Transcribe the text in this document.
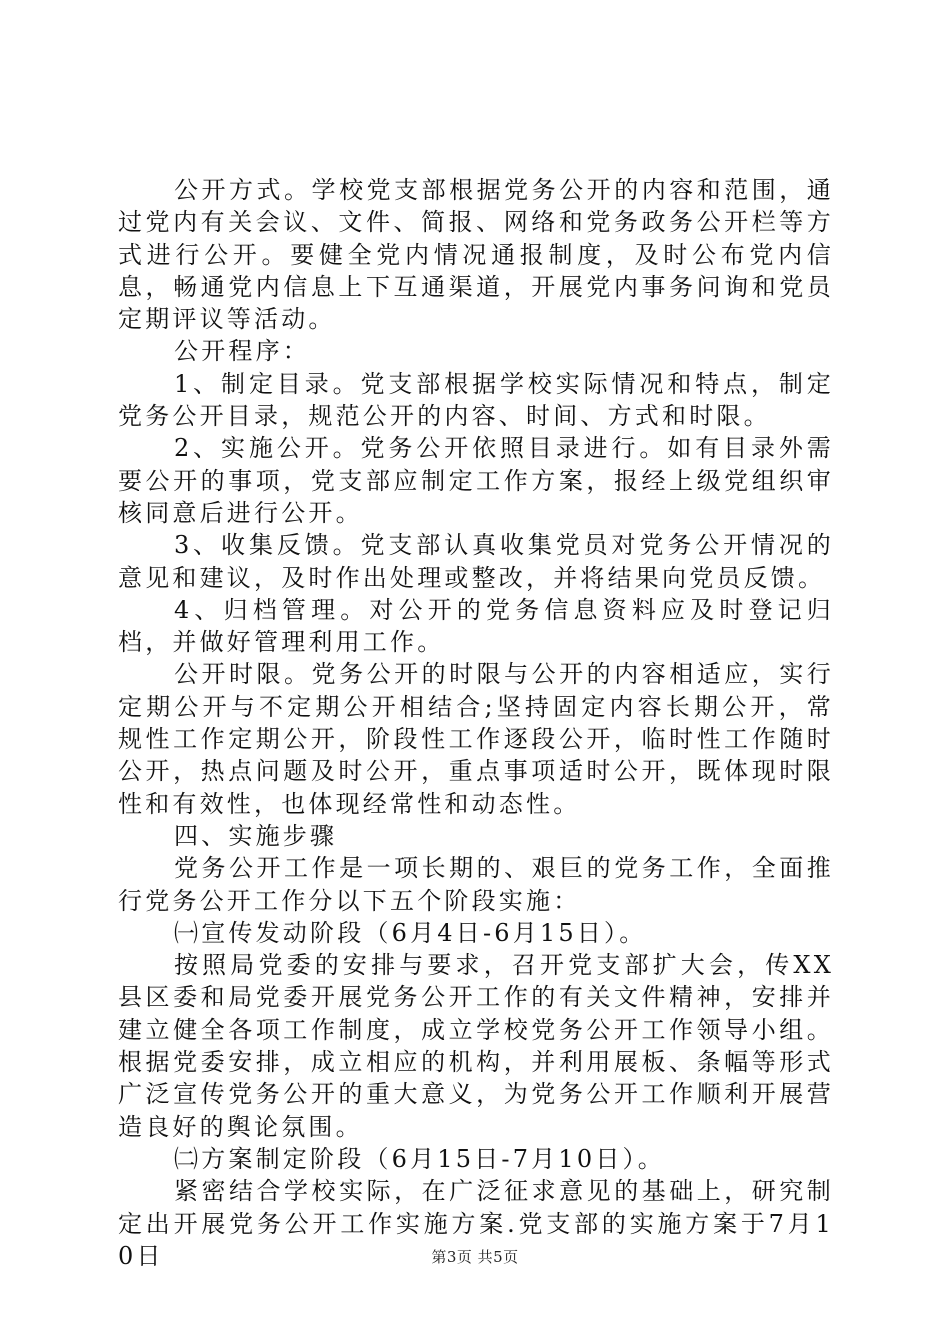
公开方式。学校党支部根据党务公开的内容和范围，通过党内有关会议、文件、简报、网络和党务政务公开栏等方式进行公开。要健全党内情况通报制度，及时公布党内信息，畅通党内信息上下互通渠道，开展党内事务问询和党员定期评议等活动。

公开程序：

1、制定目录。党支部根据学校实际情况和特点，制定党务公开目录，规范公开的内容、时间、方式和时限。

2、实施公开。党务公开依照目录进行。如有目录外需要公开的事项，党支部应制定工作方案，报经上级党组织审核同意后进行公开。

3、收集反馈。党支部认真收集党员对党务公开情况的意见和建议，及时作出处理或整改，并将结果向党员反馈。

4、归档管理。对公开的党务信息资料应及时登记归档，并做好管理利用工作。

公开时限。党务公开的时限与公开的内容相适应，实行定期公开与不定期公开相结合;坚持固定内容长期公开，常规性工作定期公开，阶段性工作逐段公开，临时性工作随时公开，热点问题及时公开，重点事项适时公开，既体现时限性和有效性，也体现经常性和动态性。

四、实施步骤

党务公开工作是一项长期的、艰巨的党务工作，全面推行党务公开工作分以下五个阶段实施：

㈠宣传发动阶段（6月4日-6月15日）。

按照局党委的安排与要求，召开党支部扩大会，传XX县区委和局党委开展党务公开工作的有关文件精神，安排并建立健全各项工作制度，成立学校党务公开工作领导小组。根据党委安排，成立相应的机构，并利用展板、条幅等形式广泛宣传党务公开的重大意义，为党务公开工作顺利开展营造良好的舆论氛围。

㈡方案制定阶段（6月15日-7月10日）。

紧密结合学校实际，在广泛征求意见的基础上，研究制定出开展党务公开工作实施方案.党支部的实施方案于7月10日	第3页 共5页
